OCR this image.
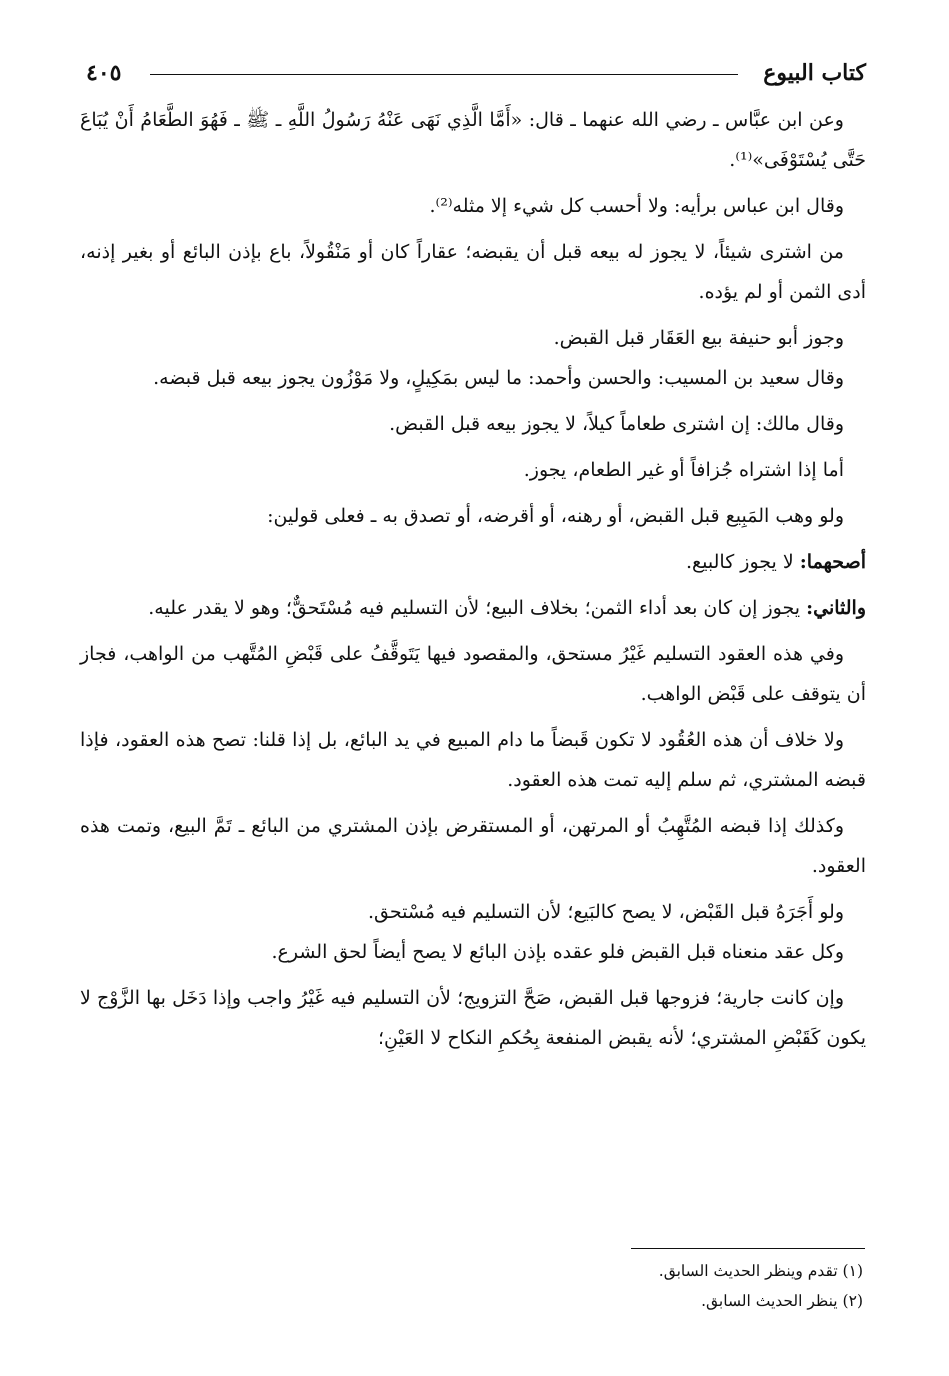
كتاب البيوع
٤٠٥

وعن ابن عبَّاس ـ رضي الله عنهما ـ قال: «أَمَّا الَّذِي نَهَى عَنْهُ رَسُولُ اللَّهِ ـ ﷺ ـ فَهُوَ الطَّعَامُ أَنْ يُبَاعَ حَتَّى يُسْتَوْفَى»⁽¹⁾.

وقال ابن عباس برأيه: ولا أحسب كل شيء إلا مثله⁽²⁾.

من اشترى شيئاً، لا يجوز له بيعه قبل أن يقبضه؛ عقاراً كان أو مَنْقُولاً، باع بإذن البائع أو بغير إذنه، أدى الثمن أو لم يؤده.

وجوز أبو حنيفة بيع العَقَار قبل القبض.

وقال سعيد بن المسيب: والحسن وأحمد: ما ليس بمَكِيلٍ، ولا مَوْزُون يجوز بيعه قبل قبضه.

وقال مالك: إن اشترى طعاماً كيلاً، لا يجوز بيعه قبل القبض.

أما إذا اشتراه جُزافاً أو غير الطعام، يجوز.

ولو وهب المَبِيع قبل القبض، أو رهنه، أو أقرضه، أو تصدق به ـ فعلى قولين:

أصحهما: لا يجوز كالبيع.

والثاني: يجوز إن كان بعد أداء الثمن؛ بخلاف البيع؛ لأن التسليم فيه مُسْتَحقٌّ؛ وهو لا يقدر عليه.

وفي هذه العقود التسليم غَيْرُ مستحق، والمقصود فيها يَتَوقَّفُ على قَبْضِ المُتَّهب من الواهب، فجاز أن يتوقف على قَبْض الواهب.

ولا خلاف أن هذه العُقُود لا تكون قَبضاً ما دام المبيع في يد البائع، بل إذا قلنا: تصح هذه العقود، فإذا قبضه المشتري، ثم سلم إليه تمت هذه العقود.

وكذلك إذا قبضه المُتَّهِبُ أو المرتهن، أو المستقرض بإذن المشتري من البائع ـ تَمَّ البيع، وتمت هذه العقود.

ولو أَجَرَهُ قبل القَبْض، لا يصح كالبَيع؛ لأن التسليم فيه مُسْتحق.

وكل عقد منعناه قبل القبض فلو عقده بإذن البائع لا يصح أيضاً لحق الشرع.

وإن كانت جارية؛ فزوجها قبل القبض، صَحَّ التزويج؛ لأن التسليم فيه غَيْرُ واجب وإذا دَخَل بها الزَّوْج لا يكون كَقَبْضِ المشتري؛ لأنه يقبض المنفعة بِحُكمِ النكاح لا العَيْنِ؛

(١) تقدم وينظر الحديث السابق.

(٢) ينظر الحديث السابق.
